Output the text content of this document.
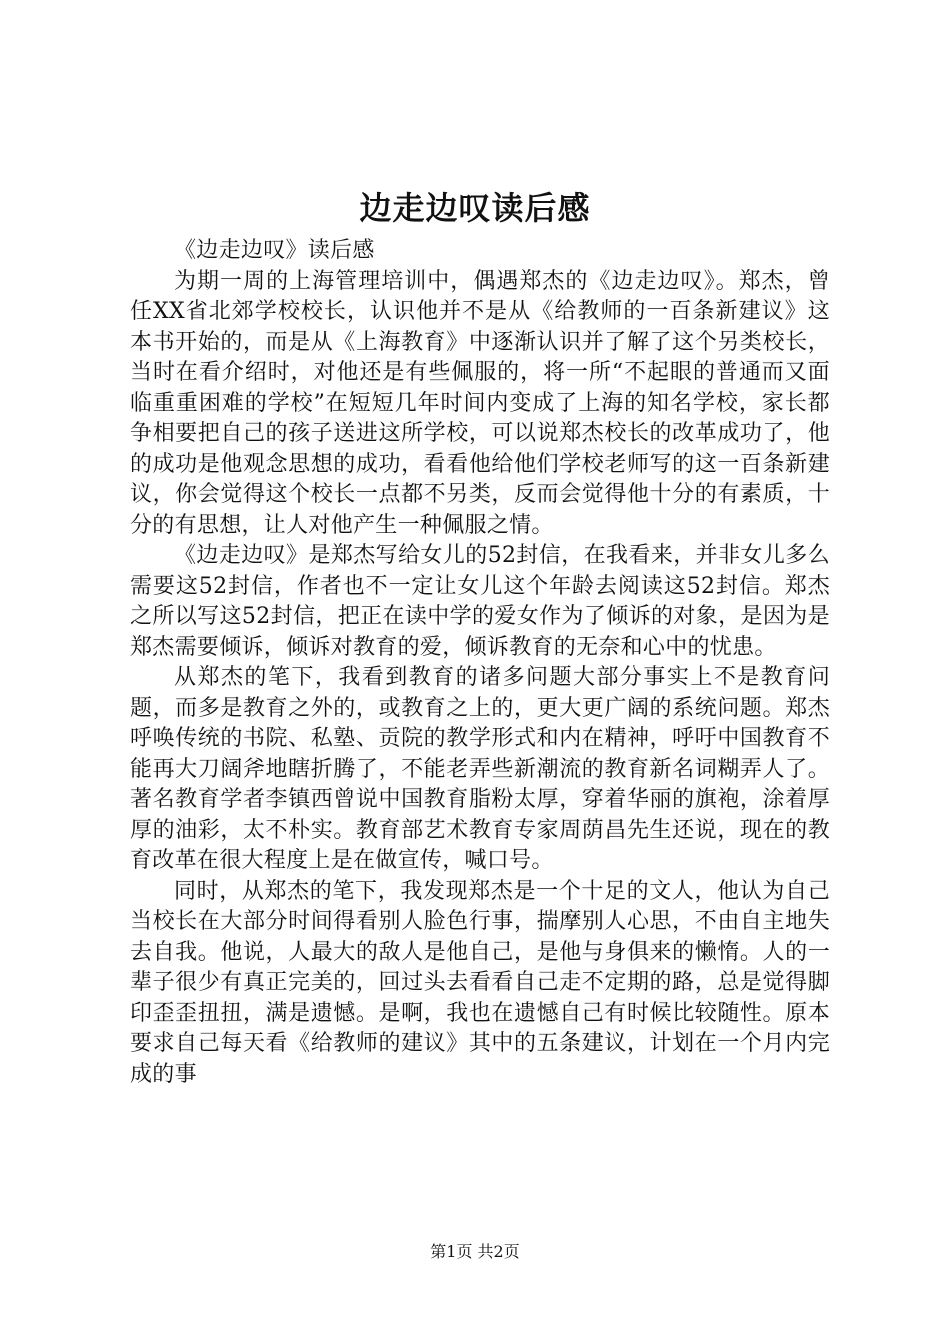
边走边叹读后感

《边走边叹》读后感

为期一周的上海管理培训中，偶遇郑杰的《边走边叹》。郑杰，曾任XX省北郊学校校长，认识他并不是从《给教师的一百条新建议》这本书开始的，而是从《上海教育》中逐渐认识并了解了这个另类校长，当时在看介绍时，对他还是有些佩服的，将一所“不起眼的普通而又面临重重困难的学校”在短短几年时间内变成了上海的知名学校，家长都争相要把自己的孩子送进这所学校，可以说郑杰校长的改革成功了，他的成功是他观念思想的成功，看看他给他们学校老师写的这一百条新建议，你会觉得这个校长一点都不另类，反而会觉得他十分的有素质，十分的有思想，让人对他产生一种佩服之情。

《边走边叹》是郑杰写给女儿的52封信，在我看来，并非女儿多么需要这52封信，作者也不一定让女儿这个年龄去阅读这52封信。郑杰之所以写这52封信，把正在读中学的爱女作为了倾诉的对象，是因为是郑杰需要倾诉，倾诉对教育的爱，倾诉教育的无奈和心中的忧患。

从郑杰的笔下，我看到教育的诸多问题大部分事实上不是教育问题，而多是教育之外的，或教育之上的，更大更广阔的系统问题。郑杰呼唤传统的书院、私塾、贡院的教学形式和内在精神，呼吁中国教育不能再大刀阔斧地瞎折腾了，不能老弄些新潮流的教育新名词糊弄人了。著名教育学者李镇西曾说中国教育脂粉太厚，穿着华丽的旗袍，涂着厚厚的油彩，太不朴实。教育部艺术教育专家周荫昌先生还说，现在的教育改革在很大程度上是在做宣传，喊口号。

同时，从郑杰的笔下，我发现郑杰是一个十足的文人，他认为自己当校长在大部分时间得看别人脸色行事，揣摩别人心思，不由自主地失去自我。他说，人最大的敌人是他自己，是他与身俱来的懒惰。人的一辈子很少有真正完美的，回过头去看看自己走不定期的路，总是觉得脚印歪歪扭扭，满是遗憾。是啊，我也在遗憾自己有时候比较随性。原本要求自己每天看《给教师的建议》其中的五条建议，计划在一个月内完成的事

第1页 共2页
